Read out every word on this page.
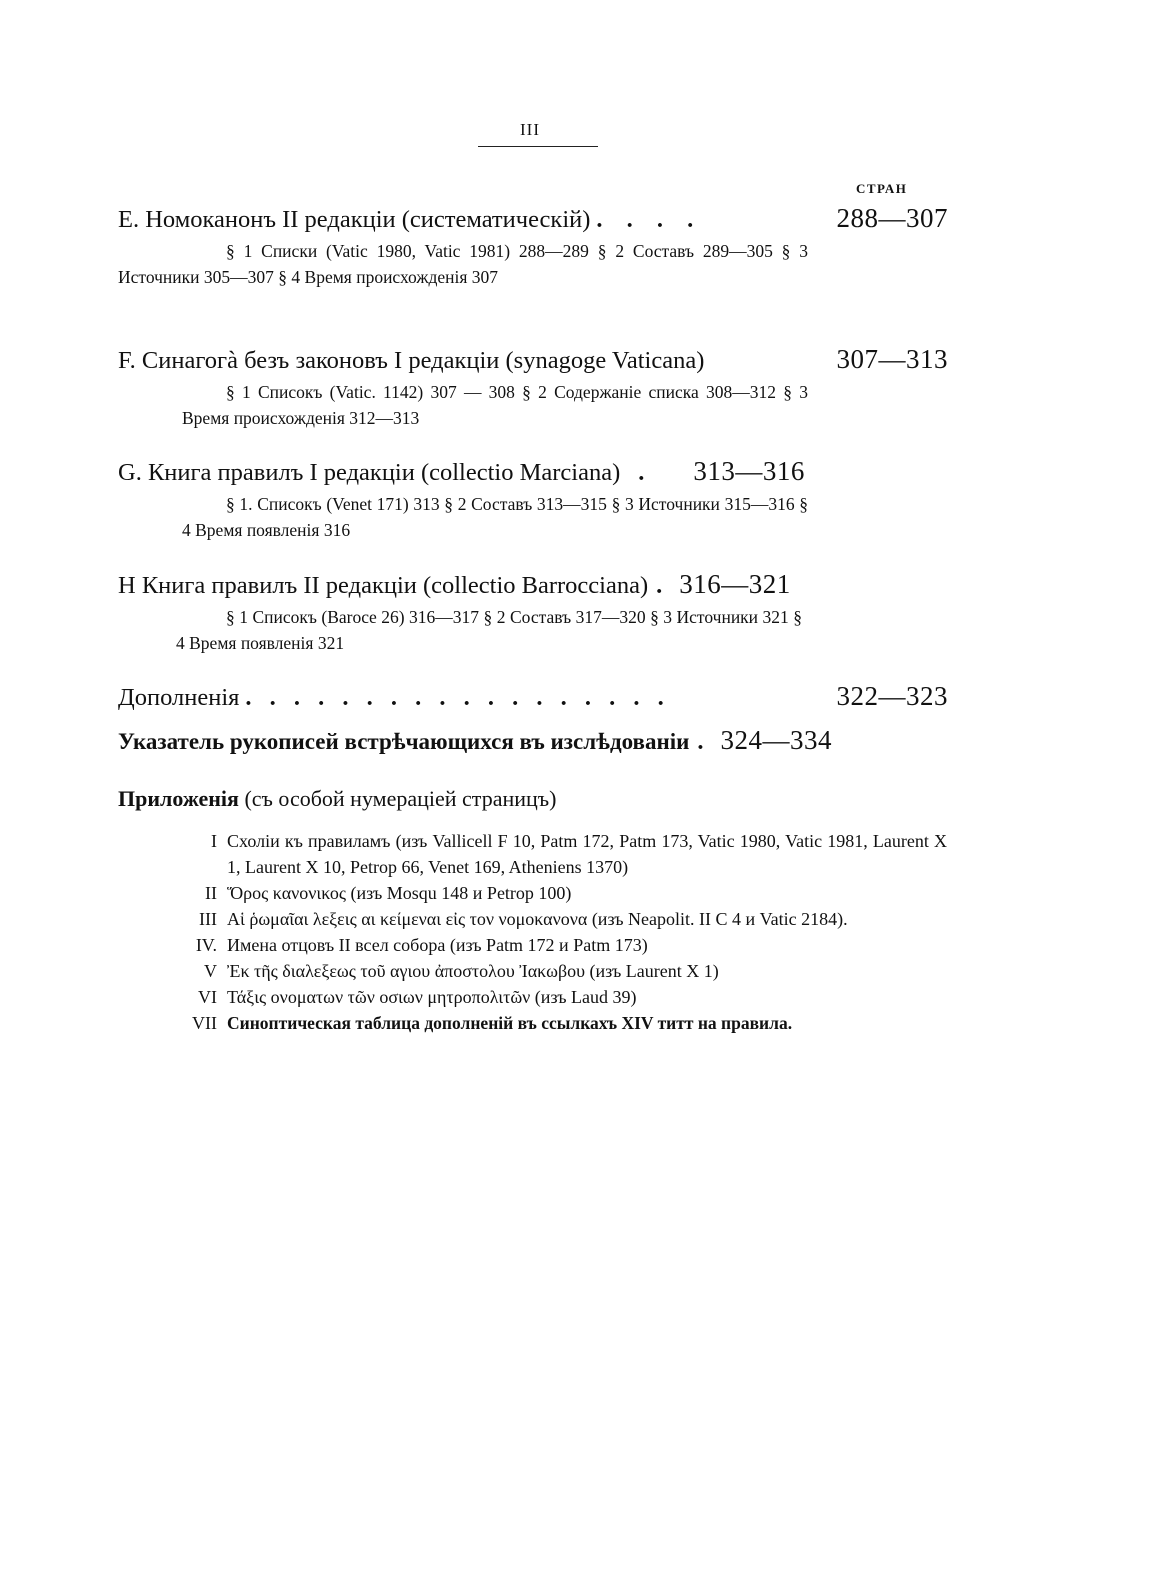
III
СТРАН
E. Номоканонъ II редакціи (систематическій) . . . .	288—307
§ 1 Списки (Vatic 1980, Vatic 1981) 288—289 § 2 Составъ 289—305 § 3 Источники 305—307 § 4 Время происхожденія 307
F. Синагогà безъ законовъ I редакціи (synagoge Vaticana)	307—313
§ 1 Списокъ (Vatic. 1142) 307 — 308 § 2 Содержаніе списка 308—312 § 3 Время происхожденія 312—313
G. Книга правилъ I редакціи (collectio Marciana) . 313—316
§ 1. Списокъ (Venet 171) 313 § 2 Составъ 313—315 § 3 Источники 315—316 § 4 Время появленія 316
H Книга правилъ II редакціи (collectio Barrocciana) . 316—321
§ 1 Списокъ (Baroce 26) 316—317 § 2 Составъ 317—320 § 3 Источники 321 § 4 Время появленія 321
Дополненія . . . . . . . . . . . . . . . . . .	322—323
Указатель рукописей встрѣчающихся въ изслѣдованіи . 324—334
Приложенія (съ особой нумераціей страницъ)
I Схоліи къ правиламъ (изъ Vallicell F 10, Patm 172, Patm 173, Vatic 1980, Vatic 1981, Laurent X 1, Laurent X 10, Petrop 66, Venet 169, Atheniens 1370)
II Ὅρος κανονικος (изъ Mosqu 148 и Petrop 100)
III Αἱ ῥωμαῖαι λεξεις αι κείμεναι εἰς τον νομοκανονα (изъ Neapolit. II C 4 и Vatic 2184).
IV. Имена отцовъ II всел собора (изъ Patm 172 и Patm 173)
V Ἐκ τῆς διαλεξεως τοῦ αγιου ἀποστολου Ἰακωβου (изъ Laurent X 1)
VI Τάξις ονοματων τῶν οσιων μητροπολιτῶν (изъ Laud 39)
VII Синоптическая таблица дополненій въ ссылкахъ XIV титт на правила.
